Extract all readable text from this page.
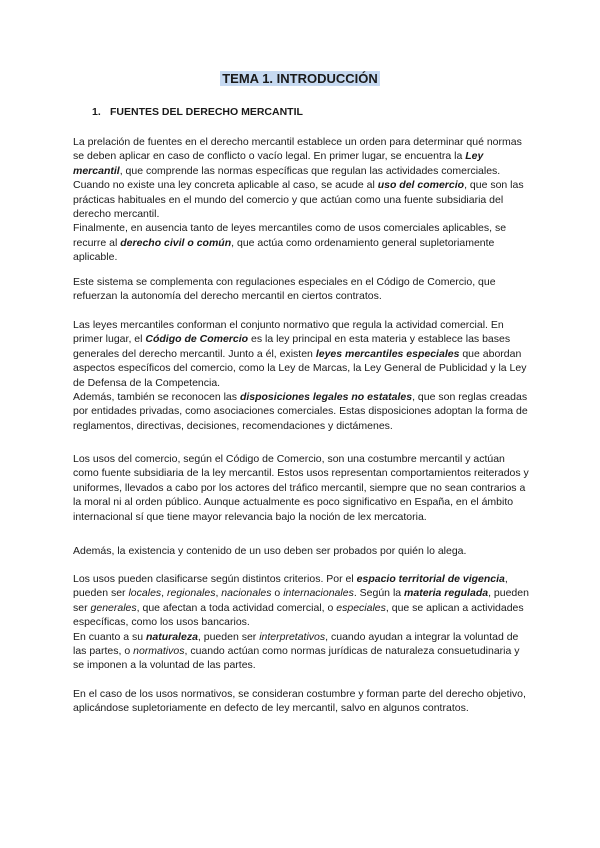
TEMA 1. INTRODUCCIÓN
1. FUENTES DEL DERECHO MERCANTIL

La prelación de fuentes en el derecho mercantil establece un orden para determinar qué normas se deben aplicar en caso de conflicto o vacío legal. En primer lugar, se encuentra la Ley mercantil, que comprende las normas específicas que regulan las actividades comerciales. Cuando no existe una ley concreta aplicable al caso, se acude al uso del comercio, que son las prácticas habituales en el mundo del comercio y que actúan como una fuente subsidiaria del derecho mercantil.

Finalmente, en ausencia tanto de leyes mercantiles como de usos comerciales aplicables, se recurre al derecho civil o común, que actúa como ordenamiento general supletoriamente aplicable.

Este sistema se complementa con regulaciones especiales en el Código de Comercio, que refuerzan la autonomía del derecho mercantil en ciertos contratos.

Las leyes mercantiles conforman el conjunto normativo que regula la actividad comercial. En primer lugar, el Código de Comercio es la ley principal en esta materia y establece las bases generales del derecho mercantil. Junto a él, existen leyes mercantiles especiales que abordan aspectos específicos del comercio, como la Ley de Marcas, la Ley General de Publicidad y la Ley de Defensa de la Competencia.

Además, también se reconocen las disposiciones legales no estatales, que son reglas creadas por entidades privadas, como asociaciones comerciales. Estas disposiciones adoptan la forma de reglamentos, directivas, decisiones, recomendaciones y dictámenes.

Los usos del comercio, según el Código de Comercio, son una costumbre mercantil y actúan como fuente subsidiaria de la ley mercantil. Estos usos representan comportamientos reiterados y uniformes, llevados a cabo por los actores del tráfico mercantil, siempre que no sean contrarios a la moral ni al orden público. Aunque actualmente es poco significativo en España, en el ámbito internacional sí que tiene mayor relevancia bajo la noción de lex mercatoria.

Además, la existencia y contenido de un uso deben ser probados por quién lo alega.

Los usos pueden clasificarse según distintos criterios. Por el espacio territorial de vigencia, pueden ser locales, regionales, nacionales o internacionales. Según la materia regulada, pueden ser generales, que afectan a toda actividad comercial, o especiales, que se aplican a actividades específicas, como los usos bancarios.

En cuanto a su naturaleza, pueden ser interpretativos, cuando ayudan a integrar la voluntad de las partes, o normativos, cuando actúan como normas jurídicas de naturaleza consuetudinaria y se imponen a la voluntad de las partes.

En el caso de los usos normativos, se consideran costumbre y forman parte del derecho objetivo, aplicándose supletoriamente en defecto de ley mercantil, salvo en algunos contratos.
